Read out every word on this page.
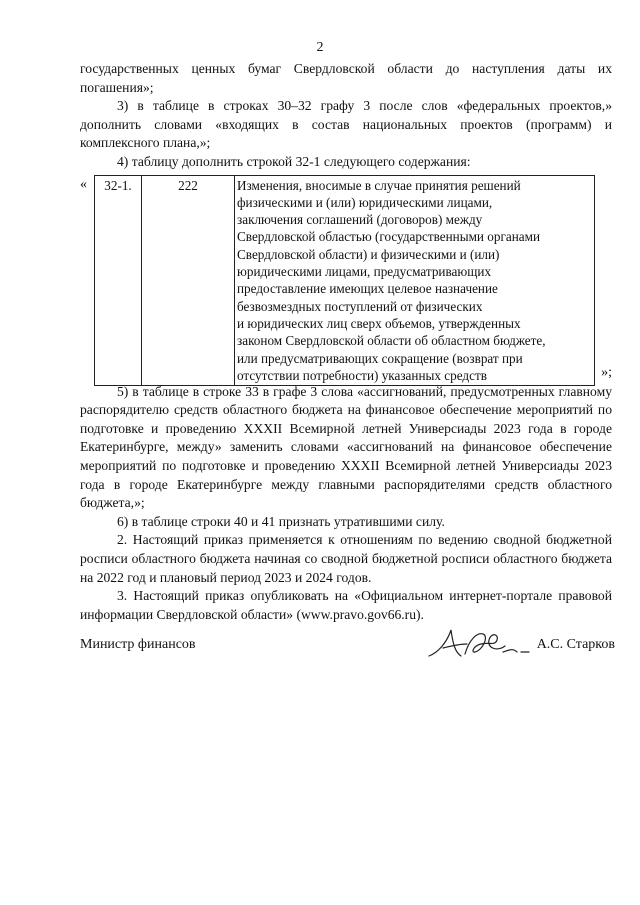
2

государственных ценных бумаг Свердловской области до наступления даты их погашения»;

3) в таблице в строках 30–32 графу 3 после слов «федеральных проектов,» дополнить словами «входящих в состав национальных проектов (программ) и комплексного плана,»;

4) таблицу дополнить строкой 32-1 следующего содержания:

« 32-1.	222	Изменения, вносимые в случае принятия решений
физическими и (или) юридическими лицами,
заключения соглашений (договоров) между
Свердловской областью (государственными органами
Свердловской области) и физическими и (или)
юридическими лицами, предусматривающих
предоставление имеющих целевое назначение
безвозмездных поступлений от физических
и юридических лиц сверх объемов, утвержденных
законом Свердловской области об областном бюджете,
или предусматривающих сокращение (возврат при
отсутствии потребности) указанных средств	»;

5) в таблице в строке 33 в графе 3 слова «ассигнований, предусмотренных главному распорядителю средств областного бюджета на финансовое обеспечение мероприятий по подготовке и проведению XXXII Всемирной летней Универсиады 2023 года в городе Екатеринбурге, между» заменить словами «ассигнований на финансовое обеспечение мероприятий по подготовке и проведению XXXII Всемирной летней Универсиады 2023 года в городе Екатеринбурге между главными распорядителями средств областного бюджета,»;

6) в таблице строки 40 и 41 признать утратившими силу.

2. Настоящий приказ применяется к отношениям по ведению сводной бюджетной росписи областного бюджета начиная со сводной бюджетной росписи областного бюджета на 2022 год и плановый период 2023 и 2024 годов.

3. Настоящий приказ опубликовать на «Официальном интернет-портале правовой информации Свердловской области» (www.pravo.gov66.ru).

Министр финансов	А.С. Старков
